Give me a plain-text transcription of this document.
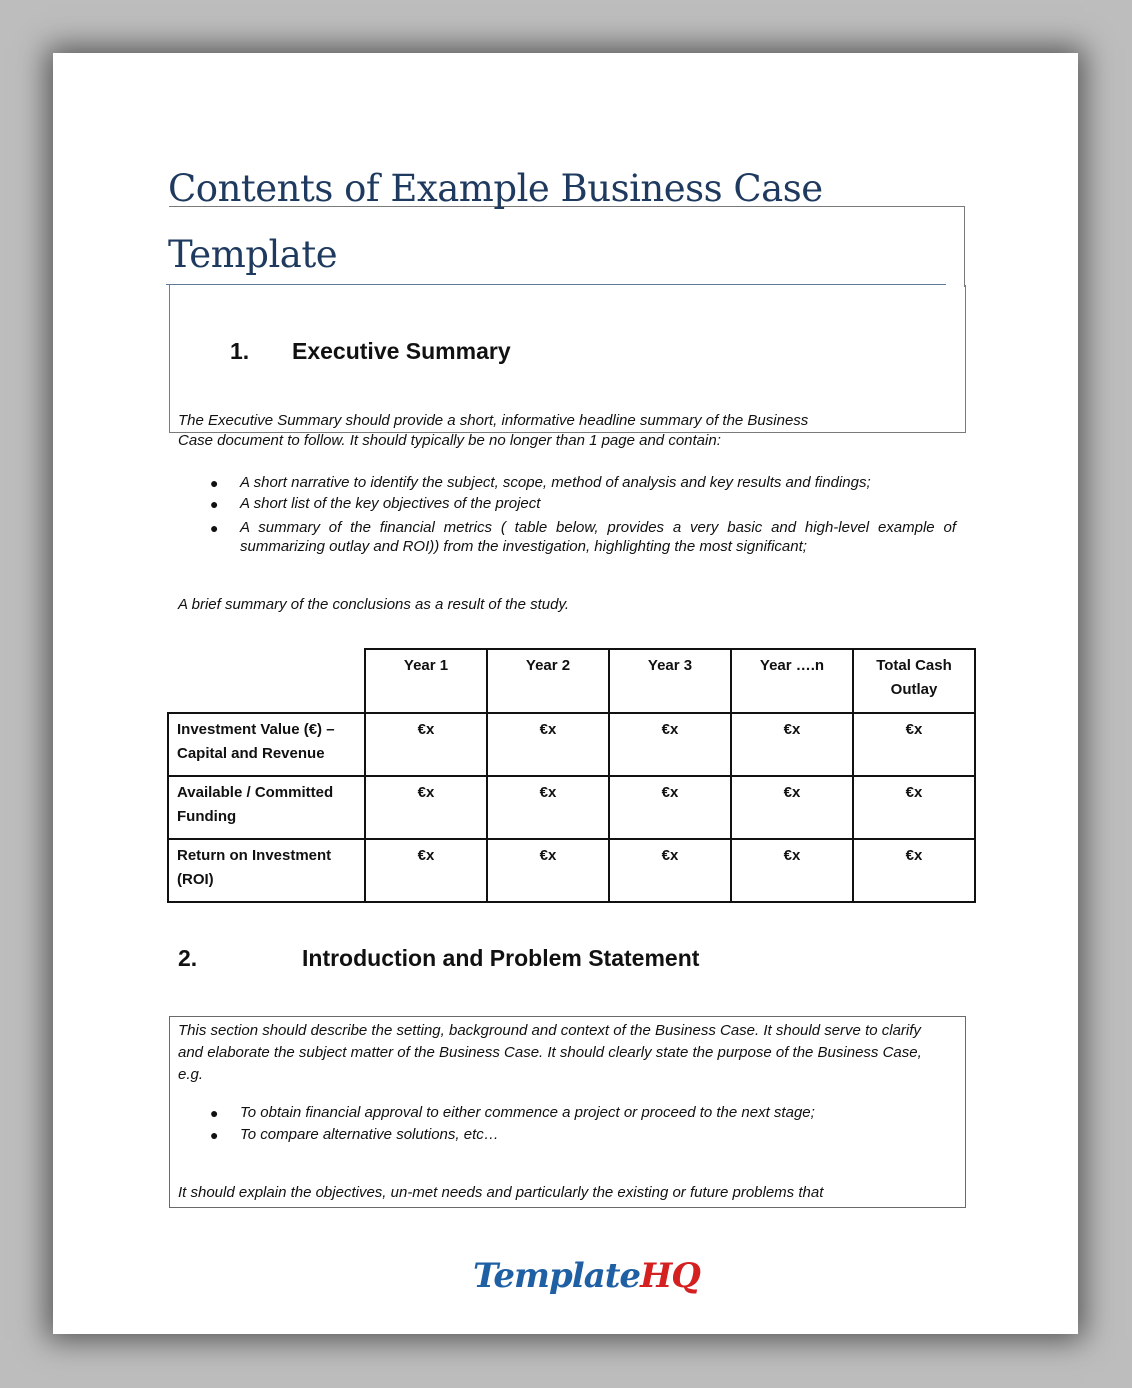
Contents of Example Business Case
Template
1. Executive Summary
The Executive Summary should provide a short, informative headline summary of the Business
Case document to follow. It should typically be no longer than 1 page and contain:
● A short narrative to identify the subject, scope, method of analysis and key results and findings;
● A short list of the key objectives of the project
● A summary of the financial metrics ( table below, provides a very basic and high-level example of summarizing outlay and ROI)) from the investigation, highlighting the most significant;
A brief summary of the conclusions as a result of the study.
	Year 1	Year 2	Year 3	Year ….n	Total Cash Outlay
Investment Value (€) – Capital and Revenue	€x	€x	€x	€x	€x
Available / Committed Funding	€x	€x	€x	€x	€x
Return on Investment (ROI)	€x	€x	€x	€x	€x
2.	Introduction and Problem Statement
This section should describe the setting, background and context of the Business Case. It should serve to clarify and elaborate the subject matter of the Business Case. It should clearly state the purpose of the Business Case, e.g.
● To obtain financial approval to either commence a project or proceed to the next stage;
● To compare alternative solutions, etc…
It should explain the objectives, un-met needs and particularly the existing or future problems that
TemplateHQ
